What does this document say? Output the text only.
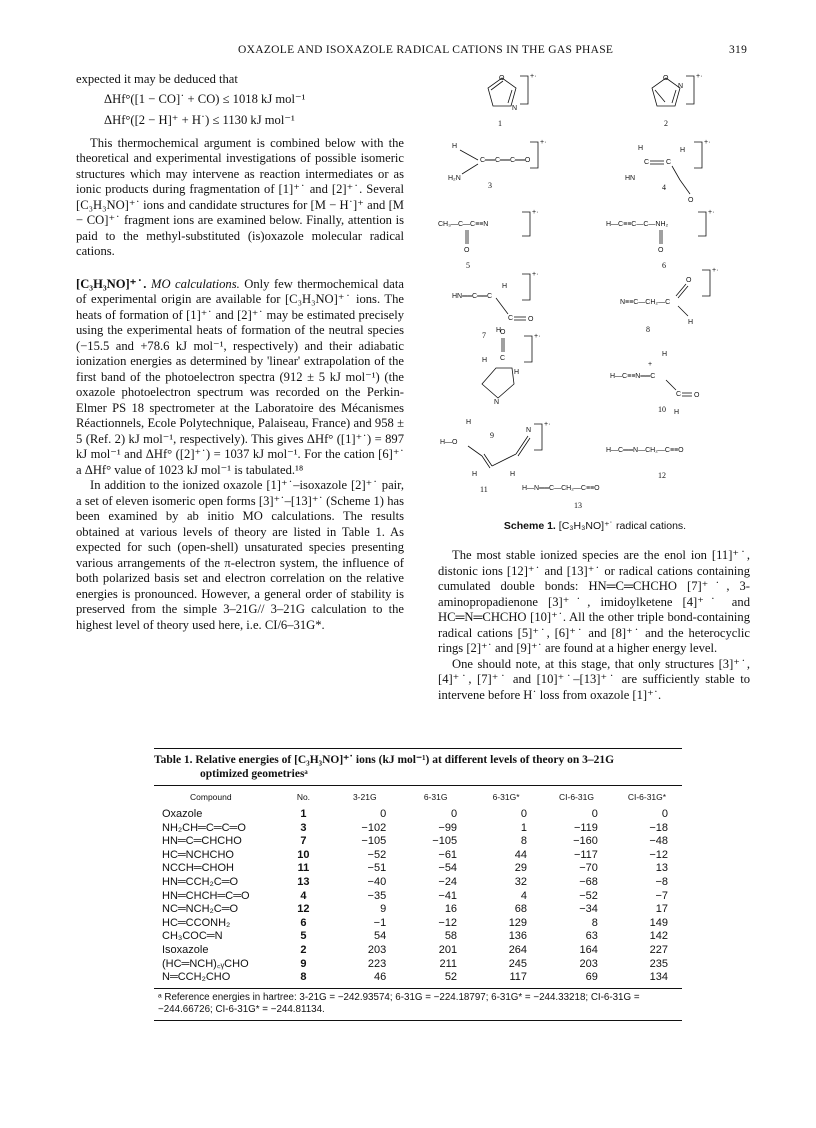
OXAZOLE AND ISOXAZOLE RADICAL CATIONS IN THE GAS PHASE	319

expected it may be deduced that

ΔHf°([1 − CO]˙ + CO) ≤ 1018 kJ mol⁻¹

ΔHf°([2 − H]⁺ + H˙) ≤ 1130 kJ mol⁻¹

This thermochemical argument is combined below with the theoretical and experimental investigations of possible isomeric structures which may intervene as reaction intermediates or as ionic products during fragmentation of [1]⁺˙ and [2]⁺˙. Several [C₃H₃NO]⁺˙ ions and candidate structures for [M − H˙]⁺ and [M − CO]⁺˙ fragment ions are examined below. Finally, attention is paid to the methyl-substituted (is)oxazole molecular radical cations.

[C₃H₃NO]⁺˙. MO calculations. Only few thermochemical data of experimental origin are available for [C₃H₃NO]⁺˙ ions. The heats of formation of [1]⁺˙ and [2]⁺˙ may be estimated precisely using the experimental heats of formation of the neutral species (−15.5 and +78.6 kJ mol⁻¹, respectively) and their adiabatic ionization energies as determined by 'linear' extrapolation of the first band of the photoelectron spectra (912 ± 5 kJ mol⁻¹) (the oxazole photoelectron spectrum was recorded on the Perkin-Elmer PS 18 spectrometer at the Laboratoire des Mécanismes Réactionnels, Ecole Polytechnique, Palaiseau, France) and 958 ± 5 (Ref. 2) kJ mol⁻¹, respectively). This gives ΔHf° ([1]⁺˙) = 897 kJ mol⁻¹ and ΔHf° ([2]⁺˙) = 1037 kJ mol⁻¹. For the cation [6]⁺˙ a ΔHf° value of 1023 kJ mol⁻¹ is tabulated.¹⁸

In addition to the ionized oxazole [1]⁺˙–isoxazole [2]⁺˙ pair, a set of eleven isomeric open forms [3]⁺˙–[13]⁺˙ (Scheme 1) has been examined by ab initio MO calculations. The results obtained at various levels of theory are listed in Table 1. As expected for such (open-shell) unsaturated species presenting various arrangements of the π-electron system, the influence of both polarized basis set and electron correlation on the relative energies is pronounced. However, a general order of stability is preserved from the simple 3–21G// 3–21G calculation to the highest level of theory used here, i.e. CI/6–31G*.

O
N
+·
1
O
N
+·
2
H
C══C══C══O
H₂N
+·
3
H
C C
H
HN
O
+·
4
CH₃—C—C≡≡N
O
+·
5
H—C≡≡C—C—NH₂
O
+·
6
HN══C══C
H
C O
H
+·
7
N≡≡C—CH₂—C
O
H
+·
8
O
C
H
H
N
H
+·
9
H
+
H—C≡≡N══C
C O
H
10
H—O
N
H	H
+·
11
H—C══N—CH₂—C≡≡O
12
H—N══C—CH₂—C≡≡O
13
Scheme 1. [C₃H₃NO]⁺˙ radical cations.

The most stable ionized species are the enol ion [11]⁺˙, distonic ions [12]⁺˙ and [13]⁺˙ or radical cations containing cumulated double bonds: HN═C═CHCHO [7]⁺˙, 3-aminopropadienone [3]⁺˙, imidoylketene [4]⁺˙ and HC═N═CHCHO [10]⁺˙. All the other triple bond-containing radical cations [5]⁺˙, [6]⁺˙ and [8]⁺˙ and the heterocyclic rings [2]⁺˙ and [9]⁺˙ are found at a higher energy level.

One should note, at this stage, that only structures [3]⁺˙, [4]⁺˙, [7]⁺˙ and [10]⁺˙–[13]⁺˙ are sufficiently stable to intervene before H˙ loss from oxazole [1]⁺˙.

Table 1. Relative energies of [C₃H₃NO]⁺˙ ions (kJ mol⁻¹) at different levels of theory on 3–21G
optimized geometriesᵃ
Compound	No.	3-21G	6-31G	6-31G*	CI-6-31G	CI-6-31G*
Oxazole	1	0	0	0	0	0
NH₂CH═C═C═O	3	−102	−99	1	−119	−18
HN═C═CHCHO	7	−105	−105	8	−160	−48
HC═NCHCHO	10	−52	−61	44	−117	−12
NCCH═CHOH	11	−51	−54	29	−70	13
HN═CCH₂C═O	13	−40	−24	32	−68	−8
HN═CHCH═C═O	4	−35	−41	4	−52	−7
NC═NCH₂C═O	12	9	16	68	−34	17
HC═CCONH₂	6	−1	−12	129	8	149
CH₃COC═N	5	54	58	136	63	142
Isoxazole	2	203	201	264	164	227
(HC═NCH)꜀ᵧCHO	9	223	211	245	203	235
N═CCH₂CHO	8	46	52	117	69	134
ᵃ Reference energies in hartree: 3-21G = −242.93574; 6-31G = −224.18797; 6-31G* = −244.33218; CI-6-31G = −244.66726; CI-6-31G* = −244.81134.
